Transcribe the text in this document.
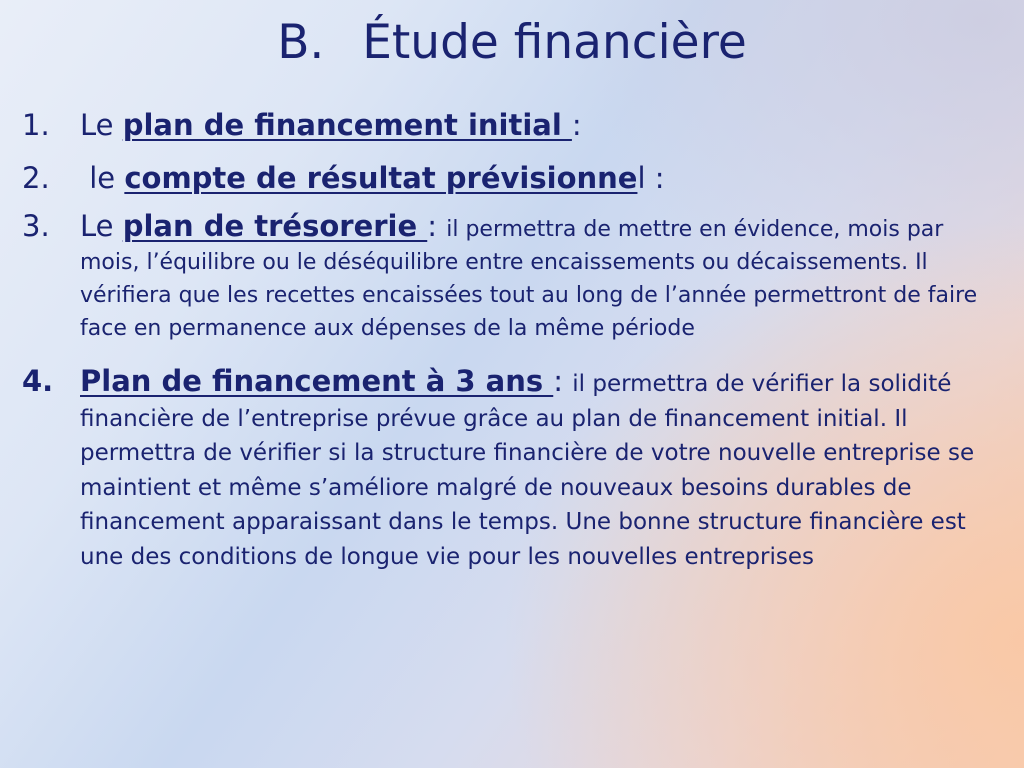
B. Étude financière
1. Le plan de financement initial :
2. le compte de résultat prévisionnel :
3. Le plan de trésorerie : il permettra de mettre en évidence, mois par mois, l’équilibre ou le déséquilibre entre encaissements ou décaissements. Il vérifiera que les recettes encaissées tout au long de l’année permettront de faire face en permanence aux dépenses de la même période
4. Plan de financement à 3 ans : il permettra de vérifier la solidité financière de l’entreprise prévue grâce au plan de financement initial. Il permettra de vérifier si la structure financière de votre nouvelle entreprise se maintient et même s’améliore malgré de nouveaux besoins durables de financement apparaissant dans le temps. Une bonne structure financière est une des conditions de longue vie pour les nouvelles entreprises
